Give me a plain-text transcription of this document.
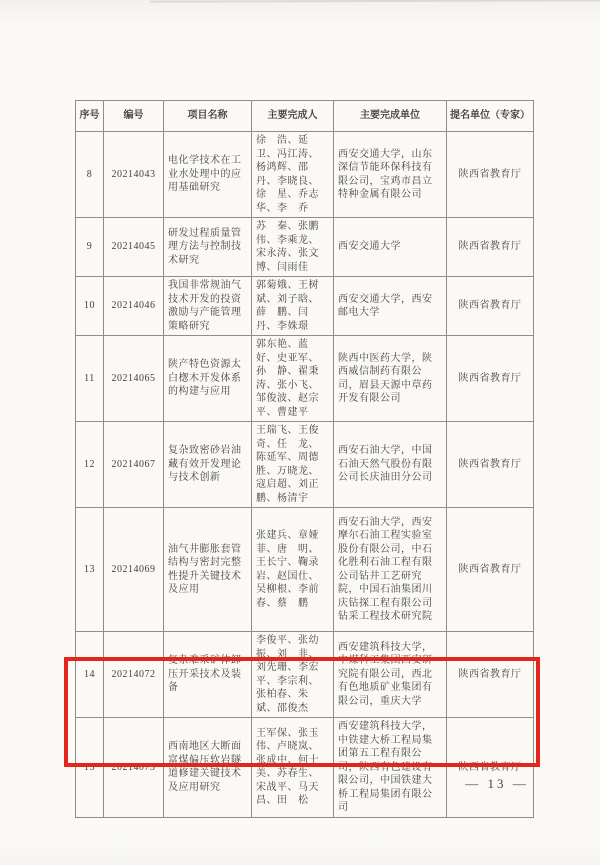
序号	编号	项目名称	主要完成人	主要完成单位	提名单位（专家）
8	20214043	电化学技术在工业水处理中的应用基础研究	徐　浩、延　卫、冯江涛、杨鸿辉、邵　丹、李晓良、徐　星、乔志华、李　乔	西安交通大学，山东深信节能环保科技有限公司，宝鸡市昌立特种金属有限公司	陕西省教育厅
9	20214045	研发过程质量管理方法与控制技术研究	苏　秦、张鹏伟、李乘龙、宋永涛、张文博、闫雨佳	西安交通大学	陕西省教育厅
10	20214046	我国非常规油气技术开发的投资激励与产能管理策略研究	郭菊娥、王树斌、刘子晗、薛　鹏、闫　丹、李姝璟	西安交通大学，西安邮电大学	陕西省教育厅
11	20214065	陕产特色资源太白楤木开发体系的构建与应用	郭东艳、蓝　好、史亚军、孙　静、翟秉涛、张小飞、邹俊波、赵宗平、曹建平	陕西中医药大学，陕西威信制药有限公司，眉县天源中草药开发有限公司	陕西省教育厅
12	20214067	复杂致密砂岩油藏有效开发理论与技术创新	王瑞飞、王俊奇、任　龙、陈延军、周德胜、万晓龙、寇启超、刘正鹏、杨清宇	西安石油大学，中国石油天然气股份有限公司长庆油田分公司	陕西省教育厅
13	20214069	油气井膨胀套管结构与密封完整性提升关键技术及应用	张建兵、章娅菲、唐　明、王长宁、鞠录岩、赵国仕、吴柳根、李前春、蔡　鹏	西安石油大学，西安摩尔石油工程实验室股份有限公司，中石化胜利石油工程有限公司钻井工艺研究院，中国石油集团川庆钻探工程有限公司钻采工程技术研究院	陕西省教育厅
14	20214072	复杂难采矿体卸压开采技术及装备	李俊平、张幼振、刘　非、刘先珊、李宏平、李宗利、张柏春、朱　斌、邵俊杰	西安建筑科技大学，中煤科工集团西安研究院有限公司，西北有色地质矿业集团有限公司，重庆大学	陕西省教育厅
15	20214073	西南地区大断面富煤偏压软岩隧道修建关键技术及应用研究	王军保、张玉伟、卢晓岚、张成中、何十美、苏春生、宋战平、马天昌、田　松	西安建筑科技大学，中铁建大桥工程局集团第五工程有限公司，陕西有色建设有限公司，中国铁建大桥工程局集团有限公司	陕西省教育厅
— 13 —
